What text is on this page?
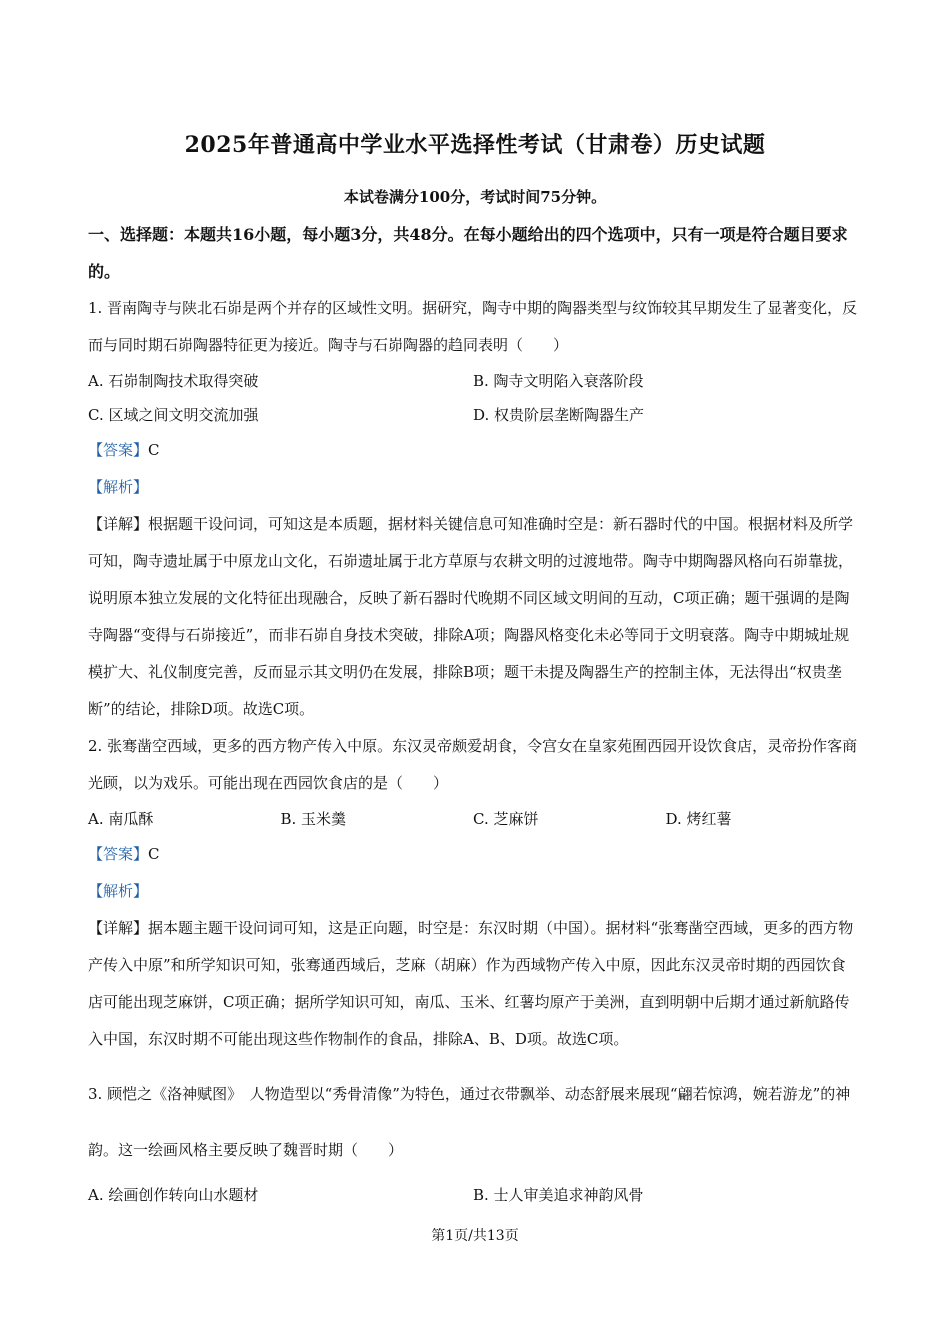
2025年普通高中学业水平选择性考试（甘肃卷）历史试题
本试卷满分100分，考试时间75分钟。

一、选择题：本题共16小题，每小题3分，共48分。在每小题给出的四个选项中，只有一项是符合题目要求的。

1. 晋南陶寺与陕北石峁是两个并存的区域性文明。据研究，陶寺中期的陶器类型与纹饰较其早期发生了显著变化，反而与同时期石峁陶器特征更为接近。陶寺与石峁陶器的趋同表明（　　）

A. 石峁制陶技术取得突破	B. 陶寺文明陷入衰落阶段
C. 区域之间文明交流加强	D. 权贵阶层垄断陶器生产

【答案】C

【解析】

【详解】根据题干设问词，可知这是本质题，据材料关键信息可知准确时空是：新石器时代的中国。根据材料及所学可知，陶寺遗址属于中原龙山文化，石峁遗址属于北方草原与农耕文明的过渡地带。陶寺中期陶器风格向石峁靠拢，说明原本独立发展的文化特征出现融合，反映了新石器时代晚期不同区域文明间的互动，C项正确；题干强调的是陶寺陶器“变得与石峁接近”，而非石峁自身技术突破，排除A项；陶器风格变化未必等同于文明衰落。陶寺中期城址规模扩大、礼仪制度完善，反而显示其文明仍在发展，排除B项；题干未提及陶器生产的控制主体，无法得出“权贵垄断”的结论，排除D项。故选C项。

2. 张骞凿空西域，更多的西方物产传入中原。东汉灵帝颇爱胡食，令宫女在皇家苑囿西园开设饮食店，灵帝扮作客商光顾，以为戏乐。可能出现在西园饮食店的是（　　）

A. 南瓜酥	B. 玉米羹	C. 芝麻饼	D. 烤红薯

【答案】C

【解析】

【详解】据本题主题干设问词可知，这是正向题，时空是：东汉时期（中国）。据材料“张骞凿空西域，更多的西方物产传入中原”和所学知识可知，张骞通西域后，芝麻（胡麻）作为西域物产传入中原，因此东汉灵帝时期的西园饮食店可能出现芝麻饼，C项正确；据所学知识可知，南瓜、玉米、红薯均原产于美洲，直到明朝中后期才通过新航路传入中国，东汉时期不可能出现这些作物制作的食品，排除A、B、D项。故选C项。

3. 顾恺之《洛神赋图》　人物造型以“秀骨清像”为特色，通过衣带飘举、动态舒展来展现“翩若惊鸿，婉若游龙”的神韵。这一绘画风格主要反映了魏晋时期（　　）

A. 绘画创作转向山水题材	B. 士人审美追求神韵风骨
第1页/共13页
